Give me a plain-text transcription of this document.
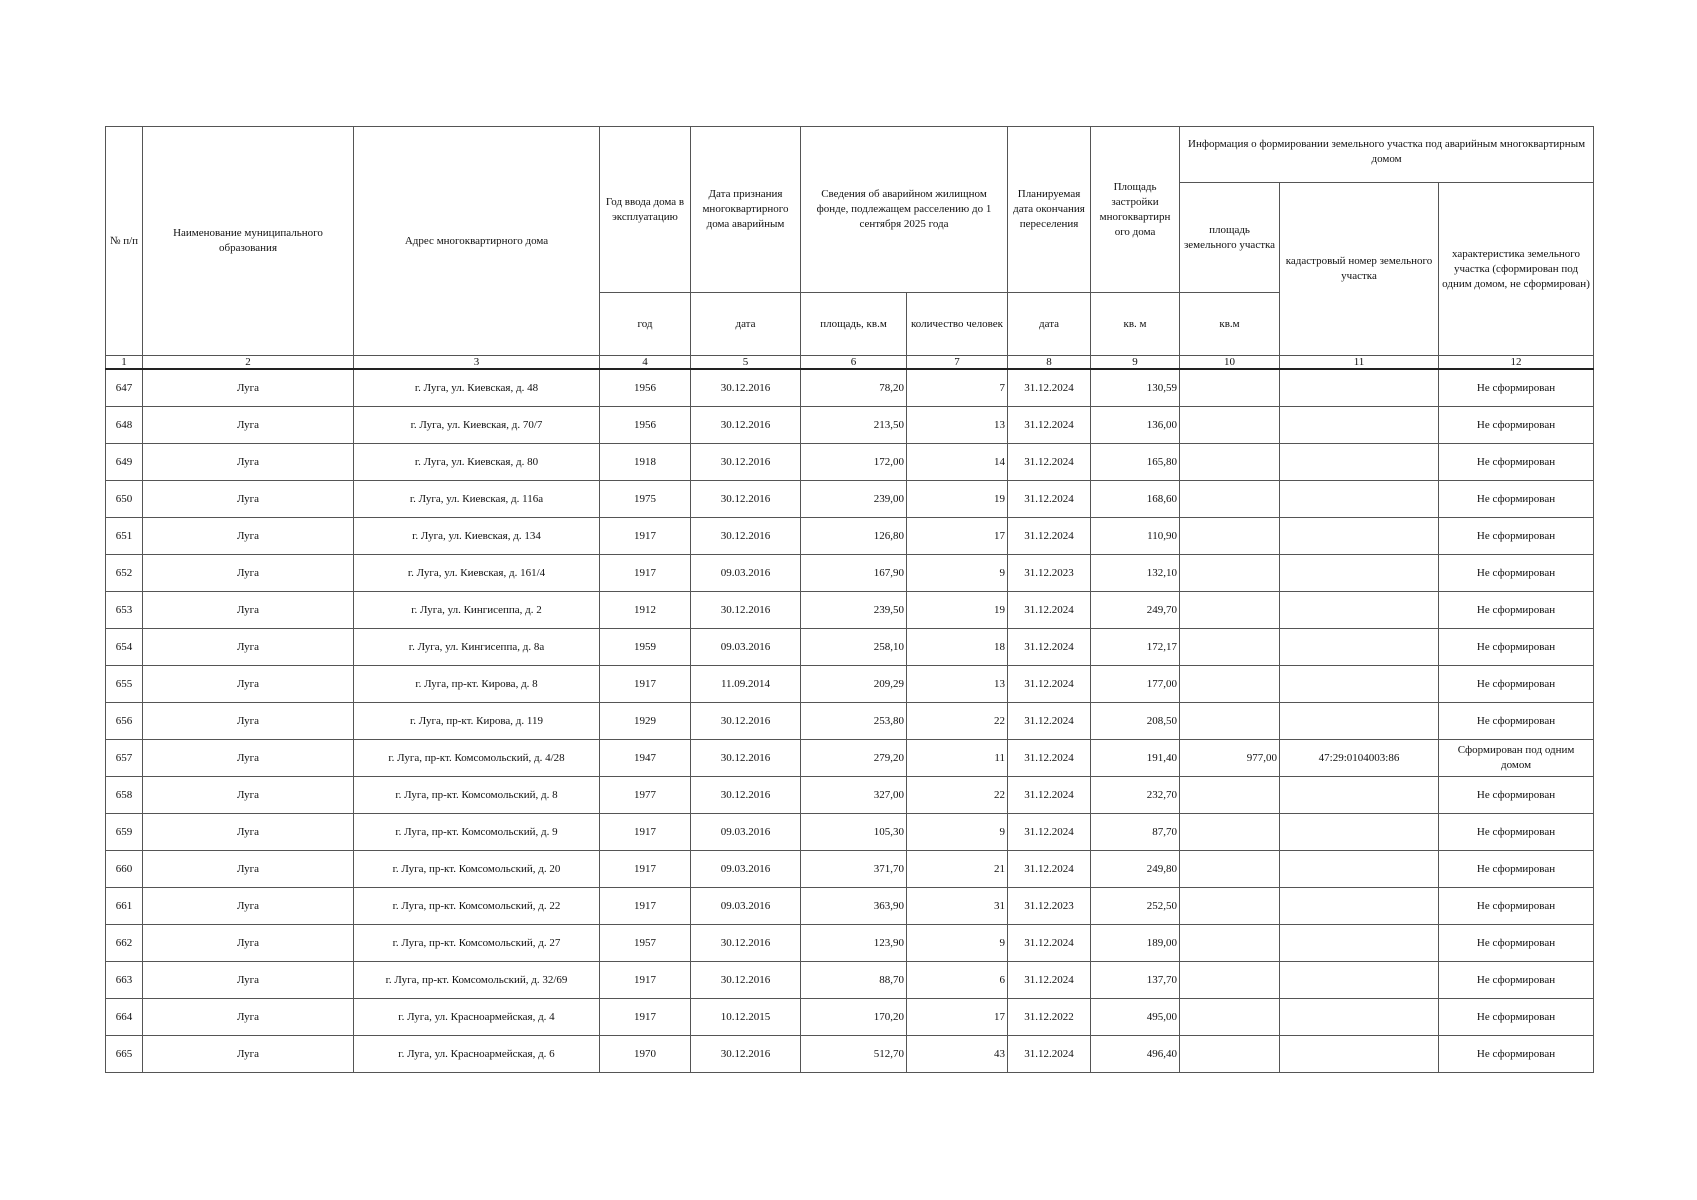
№ п/п	Наименование муниципального образования	Адрес многоквартирного дома	Год ввода дома в эксплуатацию	Дата признания многоквартирного дома аварийным	Сведения об аварийном жилищном фонде, подлежащем расселению до 1 сентября 2025 года		Планируемая дата окончания переселения	Площадь застройки многоквартирн ого дома	Информация о формировании земельного участка под аварийным многоквартирным домом		
									площадь земельного участка	кадастровый номер земельного участка	характеристика земельного участка (сформирован под одним домом, не сформирован)
			год	дата	площадь, кв.м	количество человек	дата	кв. м	кв.м		
1	2	3	4	5	6	7	8	9	10	11	12
647	Луга	г. Луга, ул. Киевская, д. 48	1956	30.12.2016	78,20	7	31.12.2024	130,59			Не сформирован
648	Луга	г. Луга, ул. Киевская, д. 70/7	1956	30.12.2016	213,50	13	31.12.2024	136,00			Не сформирован
649	Луга	г. Луга, ул. Киевская, д. 80	1918	30.12.2016	172,00	14	31.12.2024	165,80			Не сформирован
650	Луга	г. Луга, ул. Киевская, д. 116а	1975	30.12.2016	239,00	19	31.12.2024	168,60			Не сформирован
651	Луга	г. Луга, ул. Киевская, д. 134	1917	30.12.2016	126,80	17	31.12.2024	110,90			Не сформирован
652	Луга	г. Луга, ул. Киевская, д. 161/4	1917	09.03.2016	167,90	9	31.12.2023	132,10			Не сформирован
653	Луга	г. Луга, ул. Кингисеппа, д. 2	1912	30.12.2016	239,50	19	31.12.2024	249,70			Не сформирован
654	Луга	г. Луга, ул. Кингисеппа, д. 8а	1959	09.03.2016	258,10	18	31.12.2024	172,17			Не сформирован
655	Луга	г. Луга, пр-кт. Кирова, д. 8	1917	11.09.2014	209,29	13	31.12.2024	177,00			Не сформирован
656	Луга	г. Луга, пр-кт. Кирова, д. 119	1929	30.12.2016	253,80	22	31.12.2024	208,50			Не сформирован
657	Луга	г. Луга, пр-кт. Комсомольский, д. 4/28	1947	30.12.2016	279,20	11	31.12.2024	191,40	977,00	47:29:0104003:86	Сформирован под одним домом
658	Луга	г. Луга, пр-кт. Комсомольский, д. 8	1977	30.12.2016	327,00	22	31.12.2024	232,70			Не сформирован
659	Луга	г. Луга, пр-кт. Комсомольский, д. 9	1917	09.03.2016	105,30	9	31.12.2024	87,70			Не сформирован
660	Луга	г. Луга, пр-кт. Комсомольский, д. 20	1917	09.03.2016	371,70	21	31.12.2024	249,80			Не сформирован
661	Луга	г. Луга, пр-кт. Комсомольский, д. 22	1917	09.03.2016	363,90	31	31.12.2023	252,50			Не сформирован
662	Луга	г. Луга, пр-кт. Комсомольский, д. 27	1957	30.12.2016	123,90	9	31.12.2024	189,00			Не сформирован
663	Луга	г. Луга, пр-кт. Комсомольский, д. 32/69	1917	30.12.2016	88,70	6	31.12.2024	137,70			Не сформирован
664	Луга	г. Луга, ул. Красноармейская, д. 4	1917	10.12.2015	170,20	17	31.12.2022	495,00			Не сформирован
665	Луга	г. Луга, ул. Красноармейская, д. 6	1970	30.12.2016	512,70	43	31.12.2024	496,40			Не сформирован
